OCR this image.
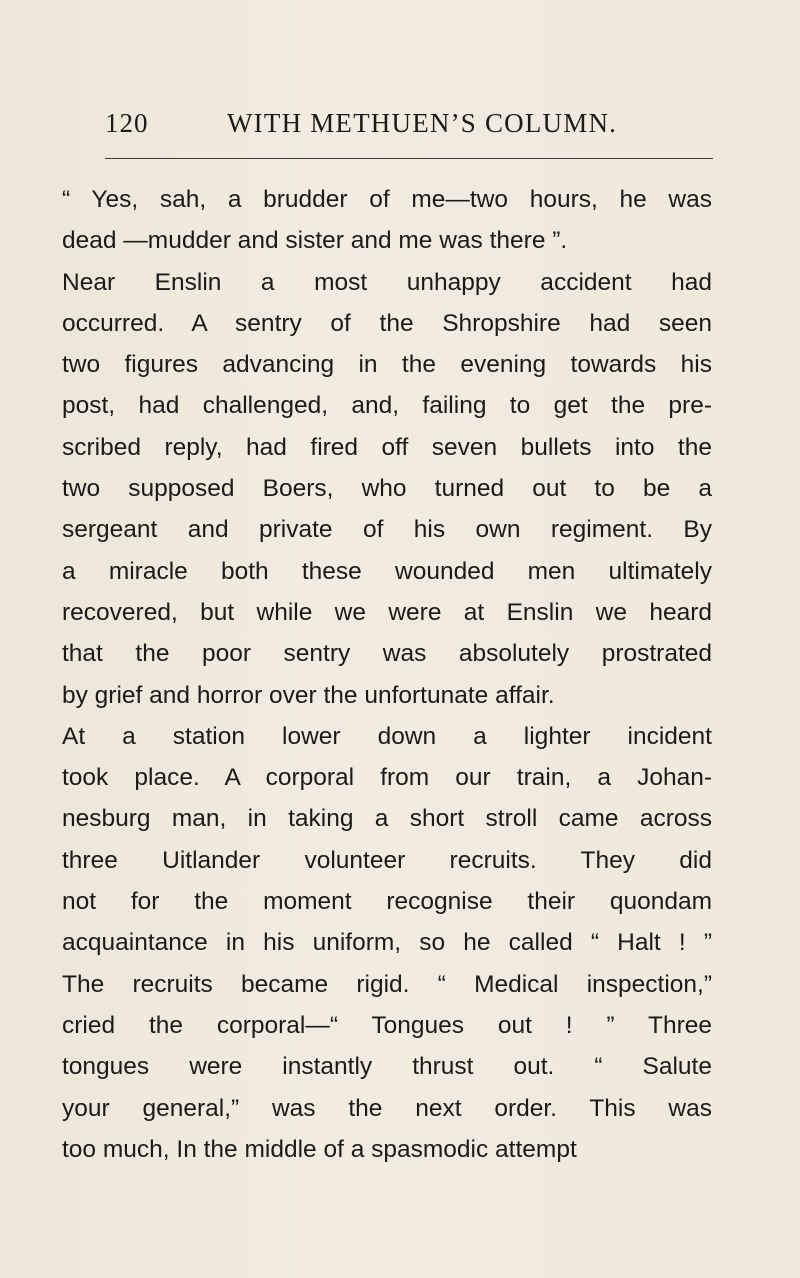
120	WITH METHUEN’S COLUMN.
“ Yes, sah, a brudder of me—two hours, he was
dead —mudder and sister and me was there ”.
Near Enslin a most unhappy accident had
occurred. A sentry of the Shropshire had seen
two figures advancing in the evening towards his
post, had challenged, and, failing to get the pre-
scribed reply, had fired off seven bullets into the
two supposed Boers, who turned out to be a
sergeant and private of his own regiment. By
a miracle both these wounded men ultimately
recovered, but while we were at Enslin we heard
that the poor sentry was absolutely prostrated
by grief and horror over the unfortunate affair.
At a station lower down a lighter incident
took place. A corporal from our train, a Johan-
nesburg man, in taking a short stroll came across
three Uitlander volunteer recruits. They did
not for the moment recognise their quondam
acquaintance in his uniform, so he called “ Halt ! ”
The recruits became rigid. “ Medical inspection,”
cried the corporal—“ Tongues out ! ” Three
tongues were instantly thrust out. “ Salute
your general,” was the next order. This was
too much, In the middle of a spasmodic attempt
